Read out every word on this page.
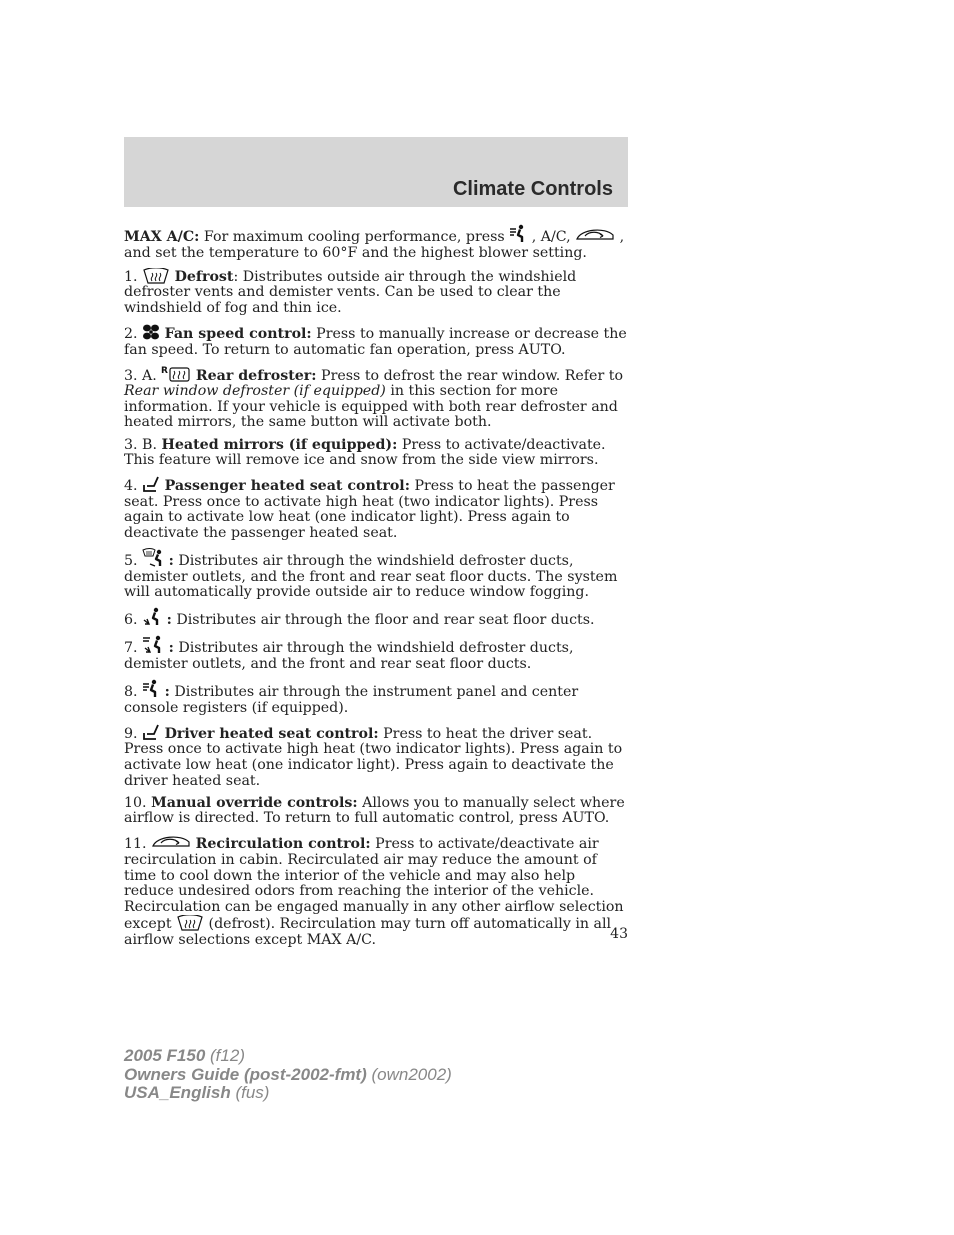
Climate Controls

MAX A/C: For maximum cooling performance, press
, A/C,	,
and set the temperature to 60°F and the highest blower setting.

1.
Defrost: Distributes outside air through the windshield defroster vents and demister vents. Can be used to clear the windshield of fog and thin ice.

2.
Fan speed control: Press to manually increase or decrease the fan speed. To return to automatic fan operation, press AUTO.

3. A. R Rear defroster: Press to defrost the rear window. Refer to Rear window defroster (if equipped) in this section for more information. If your vehicle is equipped with both rear defroster and heated mirrors, the same button will activate both.

3. B. Heated mirrors (if equipped): Press to activate/deactivate. This feature will remove ice and snow from the side view mirrors.

4.
Passenger heated seat control: Press to heat the passenger seat. Press once to activate high heat (two indicator lights). Press again to activate low heat (one indicator light). Press again to deactivate the passenger heated seat.

5.
: Distributes air through the windshield defroster ducts, demister outlets, and the front and rear seat floor ducts. The system will automatically provide outside air to reduce window fogging.

6.
: Distributes air through the floor and rear seat floor ducts.

7.
: Distributes air through the windshield defroster ducts, demister outlets, and the front and rear seat floor ducts.

8.
: Distributes air through the instrument panel and center console registers (if equipped).

9.
Driver heated seat control: Press to heat the driver seat. Press once to activate high heat (two indicator lights). Press again to activate low heat (one indicator light). Press again to deactivate the driver heated seat.

10. Manual override controls: Allows you to manually select where airflow is directed. To return to full automatic control, press AUTO.

11.	Recirculation control: Press to activate/deactivate air recirculation in cabin. Recirculated air may reduce the amount of time to cool down the interior of the vehicle and may also help reduce undesired odors from reaching the interior of the vehicle. Recirculation can be engaged manually in any other airflow selection except
(defrost). Recirculation may turn off automatically in all airflow selections except MAX A/C.	43
2005 F150 (f12)
Owners Guide (post-2002-fmt) (own2002)
USA_English (fus)
